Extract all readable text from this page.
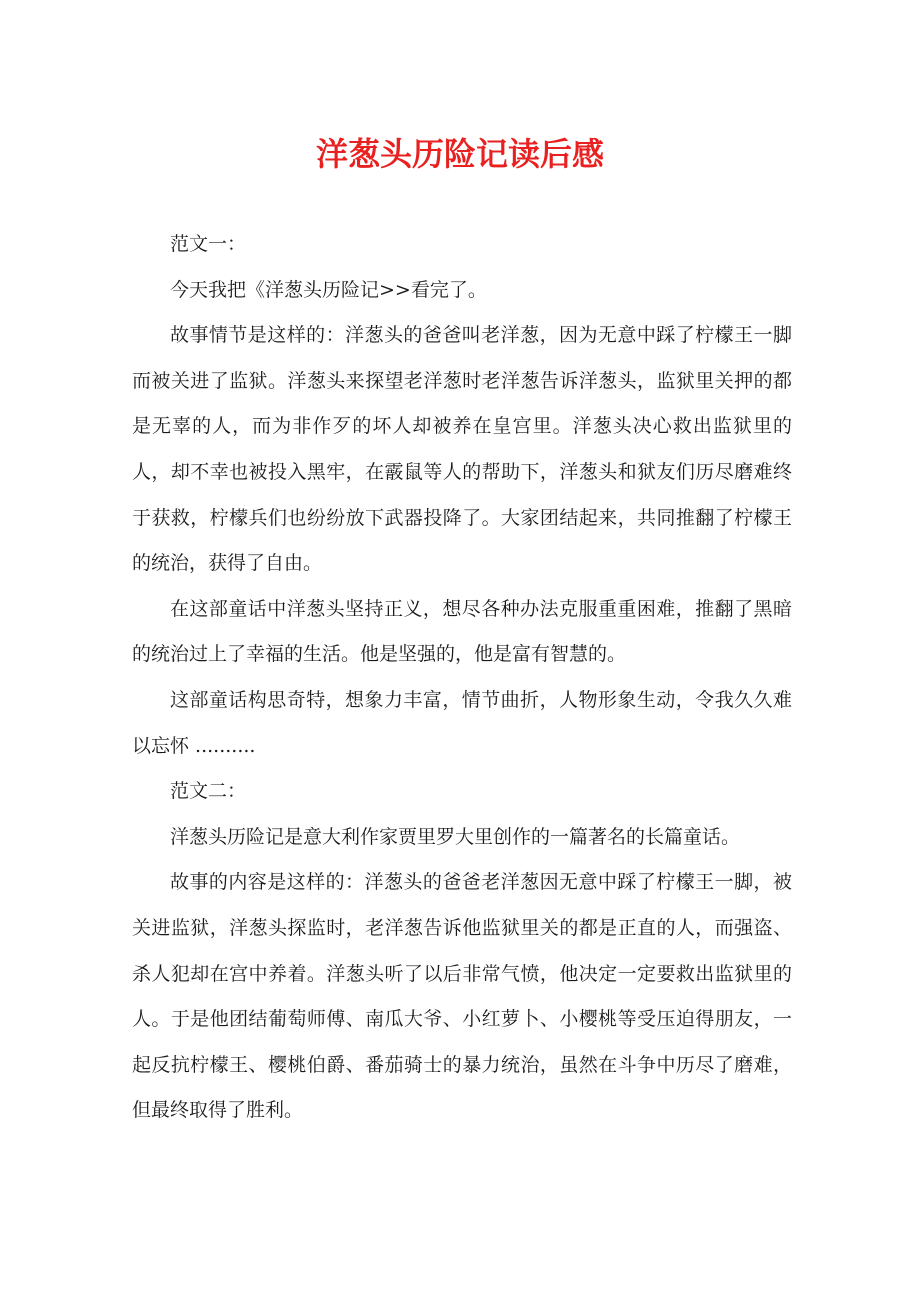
洋葱头历险记读后感

范文一：

今天我把《洋葱头历险记>>看完了。

故事情节是这样的：洋葱头的爸爸叫老洋葱，因为无意中踩了柠檬王一脚而被关进了监狱。洋葱头来探望老洋葱时老洋葱告诉洋葱头，监狱里关押的都是无辜的人，而为非作歹的坏人却被养在皇宫里。洋葱头决心救出监狱里的人，却不幸也被投入黑牢，在霰鼠等人的帮助下，洋葱头和狱友们历尽磨难终于获救，柠檬兵们也纷纷放下武器投降了。大家团结起来，共同推翻了柠檬王的统治，获得了自由。

在这部童话中洋葱头坚持正义，想尽各种办法克服重重困难，推翻了黑暗的统治过上了幸福的生活。他是坚强的，他是富有智慧的。

这部童话构思奇特，想象力丰富，情节曲折，人物形象生动，令我久久难以忘怀 ..........

范文二：

洋葱头历险记是意大利作家贾里罗大里创作的一篇著名的长篇童话。

故事的内容是这样的：洋葱头的爸爸老洋葱因无意中踩了柠檬王一脚，被关进监狱，洋葱头探监时，老洋葱告诉他监狱里关的都是正直的人，而强盗、杀人犯却在宫中养着。洋葱头听了以后非常气愤，他决定一定要救出监狱里的人。于是他团结葡萄师傅、南瓜大爷、小红萝卜、小樱桃等受压迫得朋友，一起反抗柠檬王、樱桃伯爵、番茄骑士的暴力统治，虽然在斗争中历尽了磨难，但最终取得了胜利。
